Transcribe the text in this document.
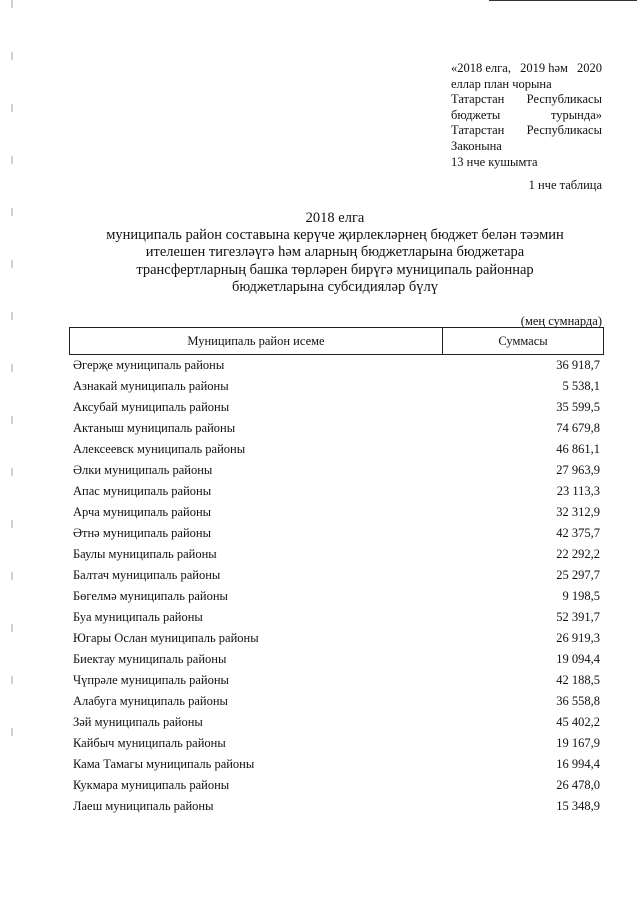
«2018 елга, 2019 һәм 2020
еллар план чорына
Татарстан Республикасы
бюджеты	турында»
Татарстан Республикасы
Законына
13 нче кушымта
1 нче таблица
2018 елга
муниципаль район составына керүче җирлекләрнең бюджет белән тәэмин
ителешен тигезләүгә һәм аларның бюджетларына бюджетара
трансфертларның башка төрләрен бирүгә муниципаль районнар
бюджетларына субсидияләр бүлү
(мең сумнарда)
Муниципаль район исеме	Суммасы
Әгерҗе муниципаль районы	36 918,7
Азнакай муниципаль районы	5 538,1
Аксубай муниципаль районы	35 599,5
Актаныш муниципаль районы	74 679,8
Алексеевск муниципаль районы	46 861,1
Әлки муниципаль районы	27 963,9
Апас муниципаль районы	23 113,3
Арча муниципаль районы	32 312,9
Әтнә муниципаль районы	42 375,7
Баулы муниципаль районы	22 292,2
Балтач муниципаль районы	25 297,7
Бөгелмә муниципаль районы	9 198,5
Буа муниципаль районы	52 391,7
Югары Ослан муниципаль районы	26 919,3
Биектау муниципаль районы	19 094,4
Чүпрәле муниципаль районы	42 188,5
Алабуга муниципаль районы	36 558,8
Зәй муниципаль районы	45 402,2
Кайбыч муниципаль районы	19 167,9
Кама Тамагы муниципаль районы	16 994,4
Кукмара муниципаль районы	26 478,0
Лаеш муниципаль районы	15 348,9
